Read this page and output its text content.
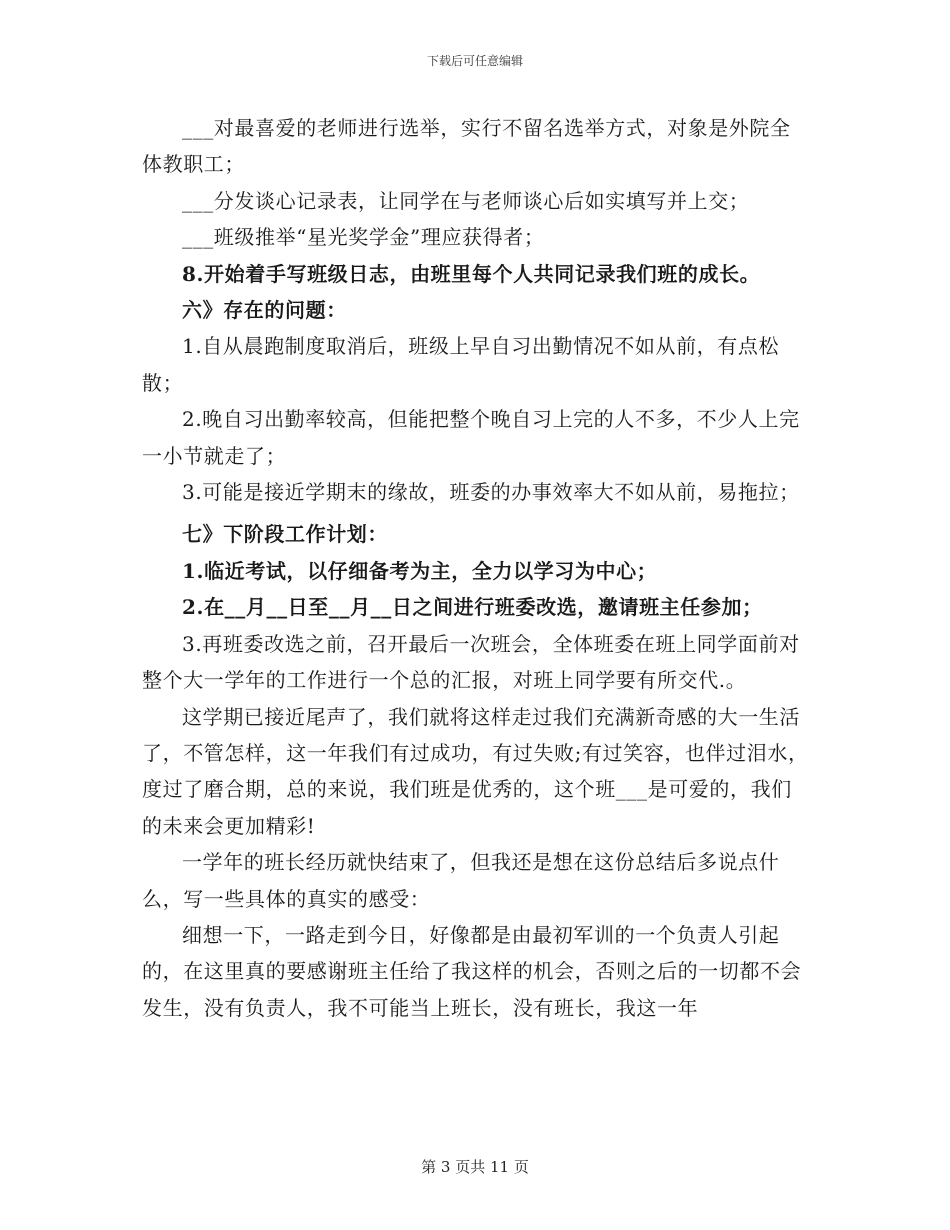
下载后可任意编辑

___对最喜爱的老师进行选举，实行不留名选举方式，对象是外院全体教职工；

___分发谈心记录表，让同学在与老师谈心后如实填写并上交；

___班级推举“星光奖学金”理应获得者；

8.开始着手写班级日志，由班里每个人共同记录我们班的成长。

六》存在的问题：

1.自从晨跑制度取消后，班级上早自习出勤情况不如从前，有点松散；

2.晚自习出勤率较高，但能把整个晚自习上完的人不多，不少人上完一小节就走了；

3.可能是接近学期末的缘故，班委的办事效率大不如从前，易拖拉；

七》下阶段工作计划：

1.临近考试，以仔细备考为主，全力以学习为中心；

2.在__月__日至__月__日之间进行班委改选，邀请班主任参加；

3.再班委改选之前，召开最后一次班会，全体班委在班上同学面前对整个大一学年的工作进行一个总的汇报，对班上同学要有所交代.。

这学期已接近尾声了，我们就将这样走过我们充满新奇感的大一生活了，不管怎样，这一年我们有过成功，有过失败;有过笑容，也伴过泪水，度过了磨合期，总的来说，我们班是优秀的，这个班___是可爱的，我们的未来会更加精彩!

一学年的班长经历就快结束了，但我还是想在这份总结后多说点什么，写一些具体的真实的感受：

细想一下，一路走到今日，好像都是由最初军训的一个负责人引起的，在这里真的要感谢班主任给了我这样的机会，否则之后的一切都不会发生，没有负责人，我不可能当上班长，没有班长，我这一年

第 3 页共 11 页
